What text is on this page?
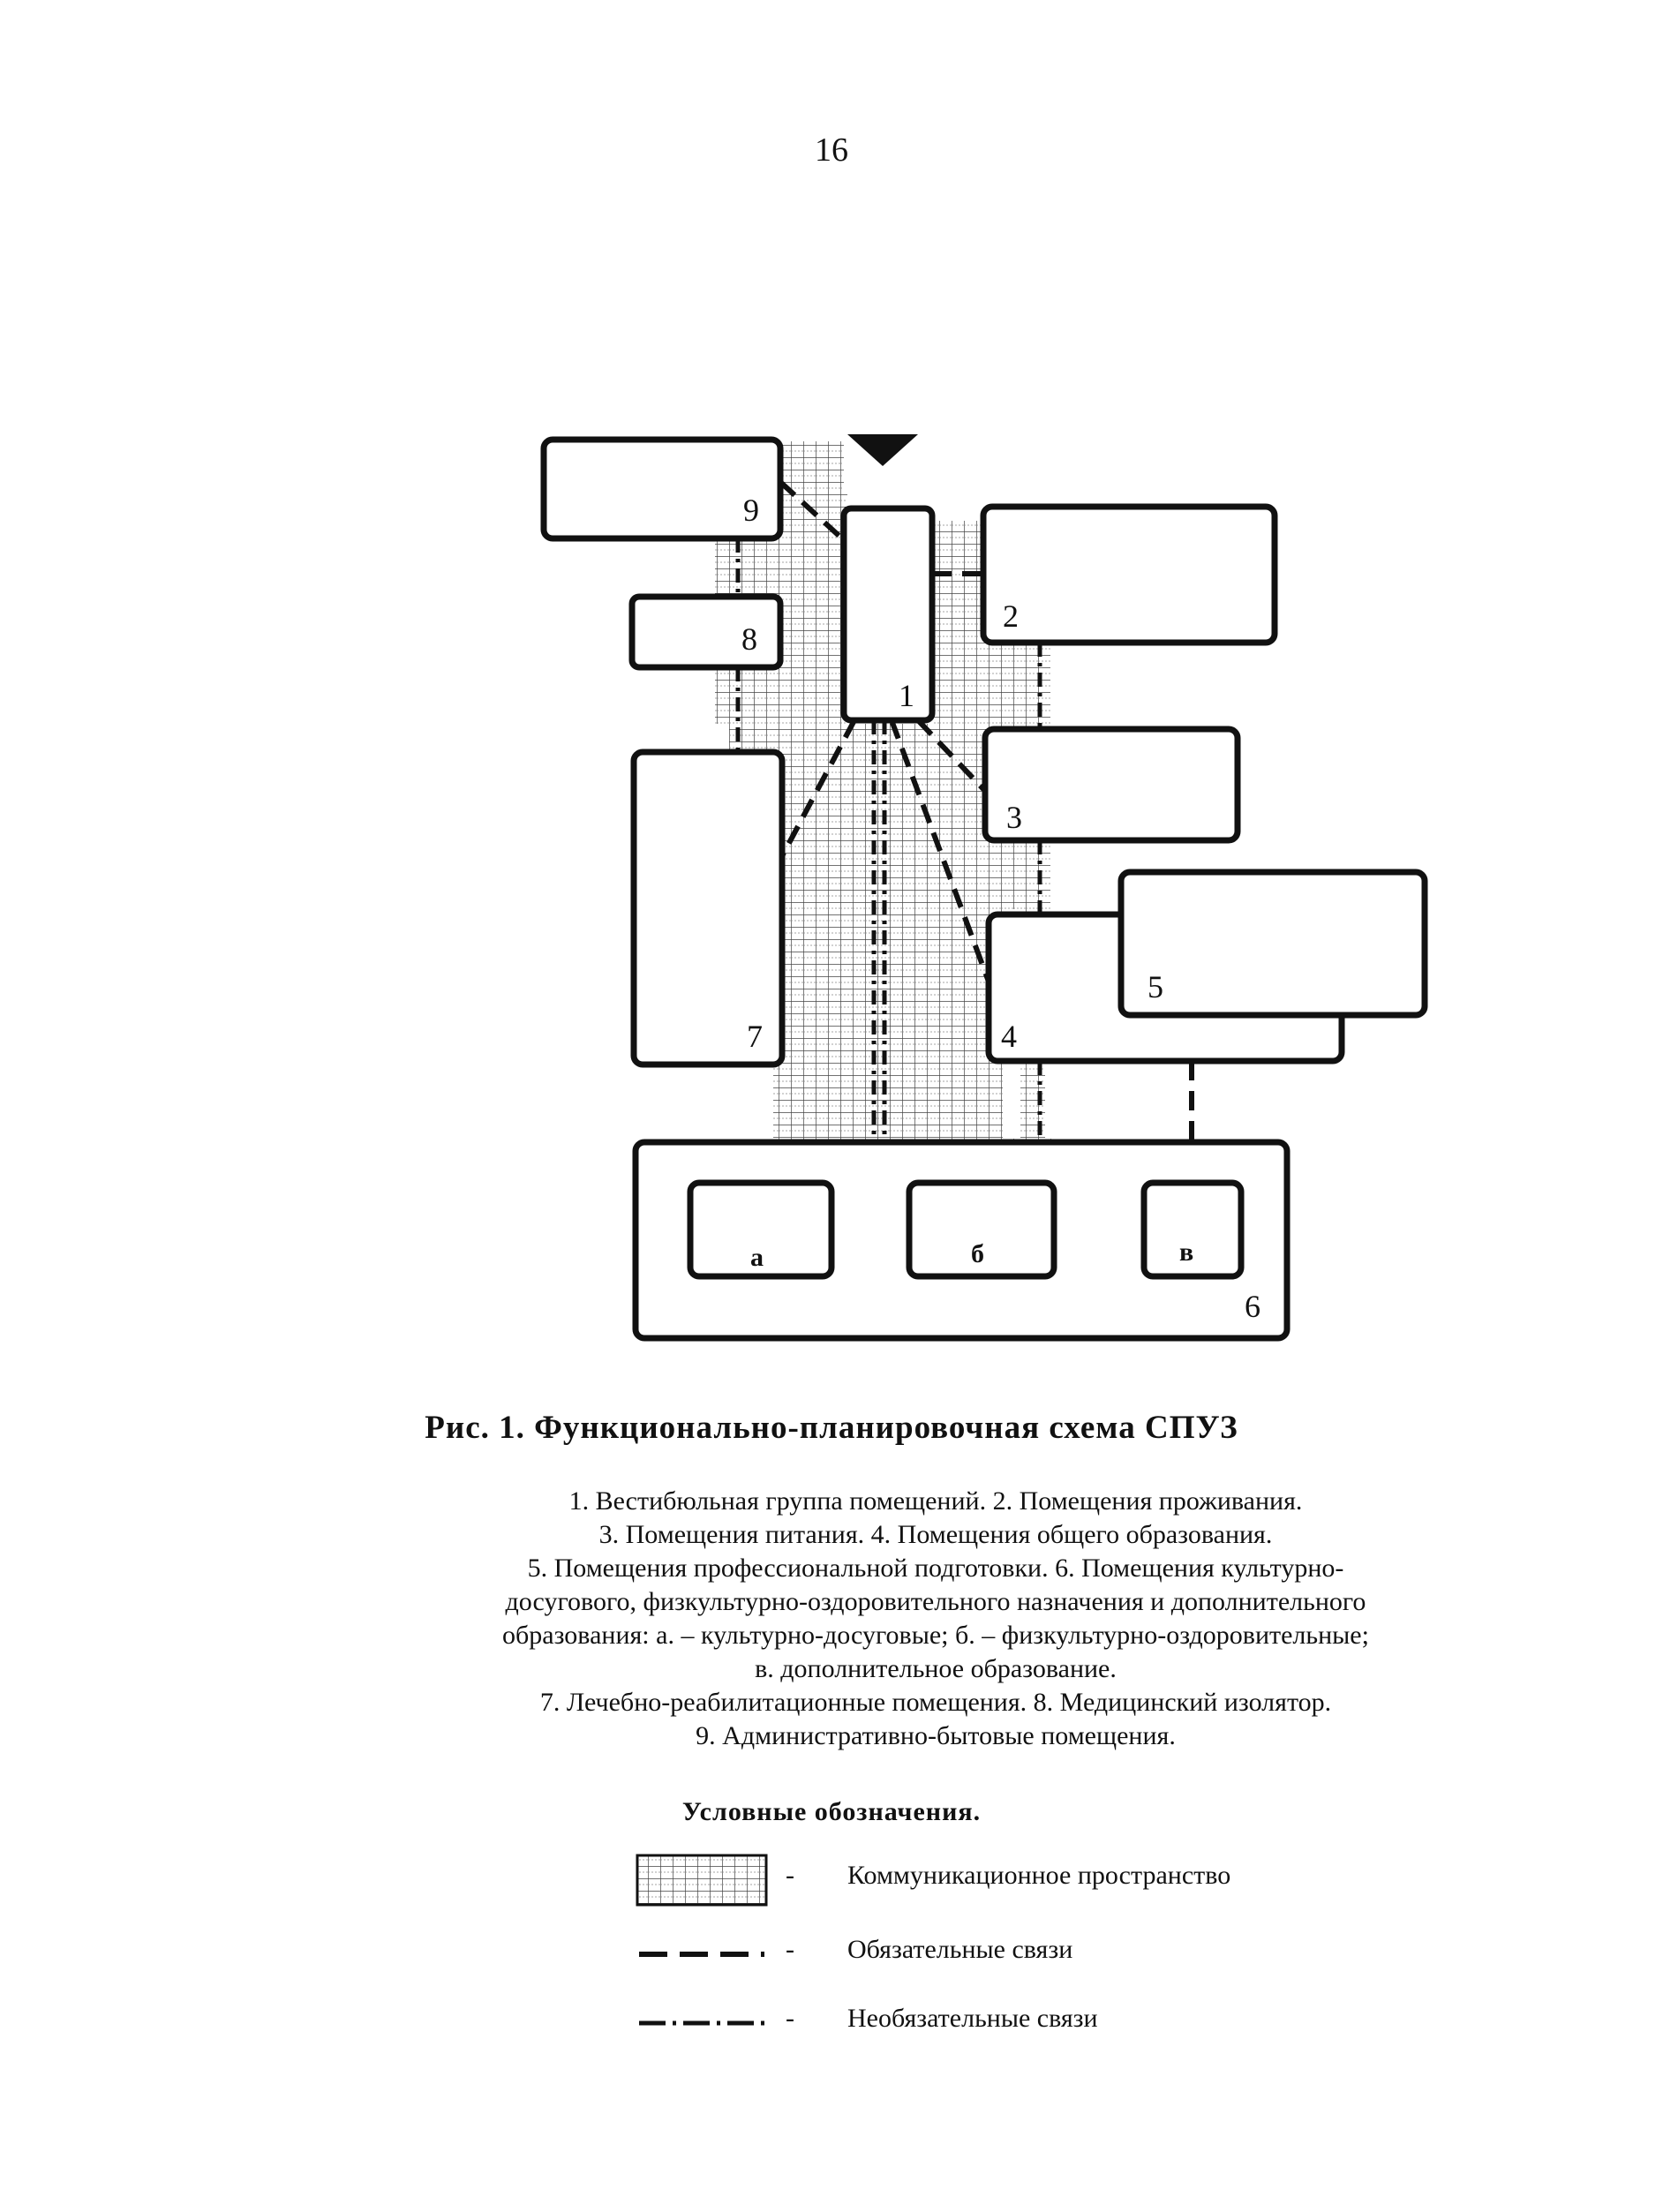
16
9
1
2
8
3
7	4
5
6
а	б	в
Рис. 1. Функционально-планировочная схема СПУЗ
1. Вестибюльная группа помещений. 2. Помещения проживания.
3. Помещения питания. 4. Помещения общего образования.
5. Помещения профессиональной подготовки. 6. Помещения культурно-
досугового, физкультурно-оздоровительного назначения и дополнительного
образования: а. – культурно-досуговые; б. – физкультурно-оздоровительные;
в. дополнительное образование.
7. Лечебно-реабилитационные помещения. 8. Медицинский изолятор.
9. Административно-бытовые помещения.
Условные обозначения.
- Коммуникационное пространство
- Обязательные связи
- Необязательные связи
